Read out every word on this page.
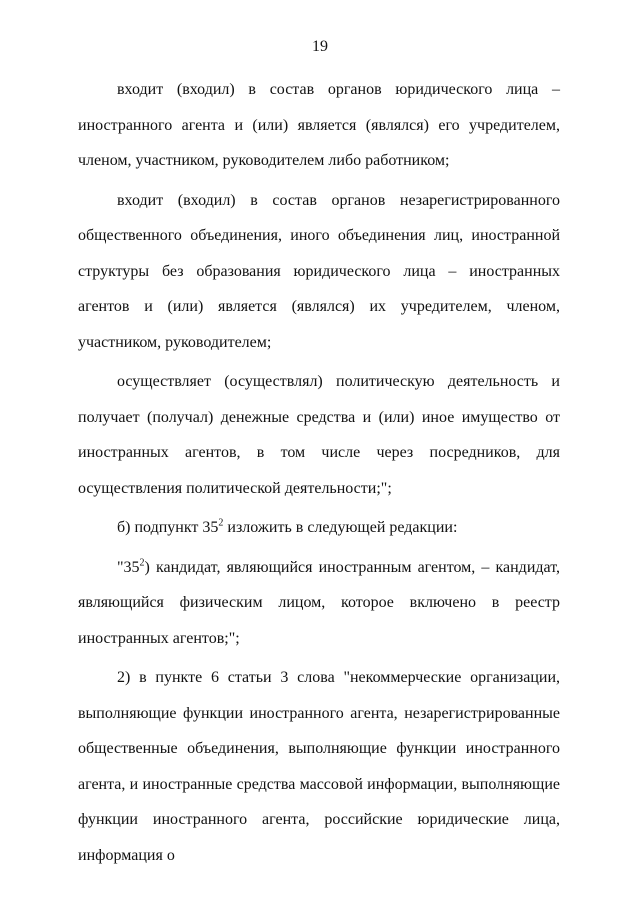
19

входит (входил) в состав органов юридического лица – иностранного агента и (или) является (являлся) его учредителем, членом, участником, руководителем либо работником;

входит (входил) в состав органов незарегистрированного общественного объединения, иного объединения лиц, иностранной структуры без образования юридического лица – иностранных агентов и (или) является (являлся) их учредителем, членом, участником, руководителем;

осуществляет (осуществлял) политическую деятельность и получает (получал) денежные средства и (или) иное имущество от иностранных агентов, в том числе через посредников, для осуществления политической деятельности;";

б) подпункт $35^2$ изложить в следующей редакции:

"$35^2$) кандидат, являющийся иностранным агентом, – кандидат, являющийся физическим лицом, которое включено в реестр иностранных агентов;";

2) в пункте 6 статьи 3 слова "некоммерческие организации, выполняющие функции иностранного агента, незарегистрированные общественные объединения, выполняющие функции иностранного агента, и иностранные средства массовой информации, выполняющие функции иностранного агента, российские юридические лица, информация о
